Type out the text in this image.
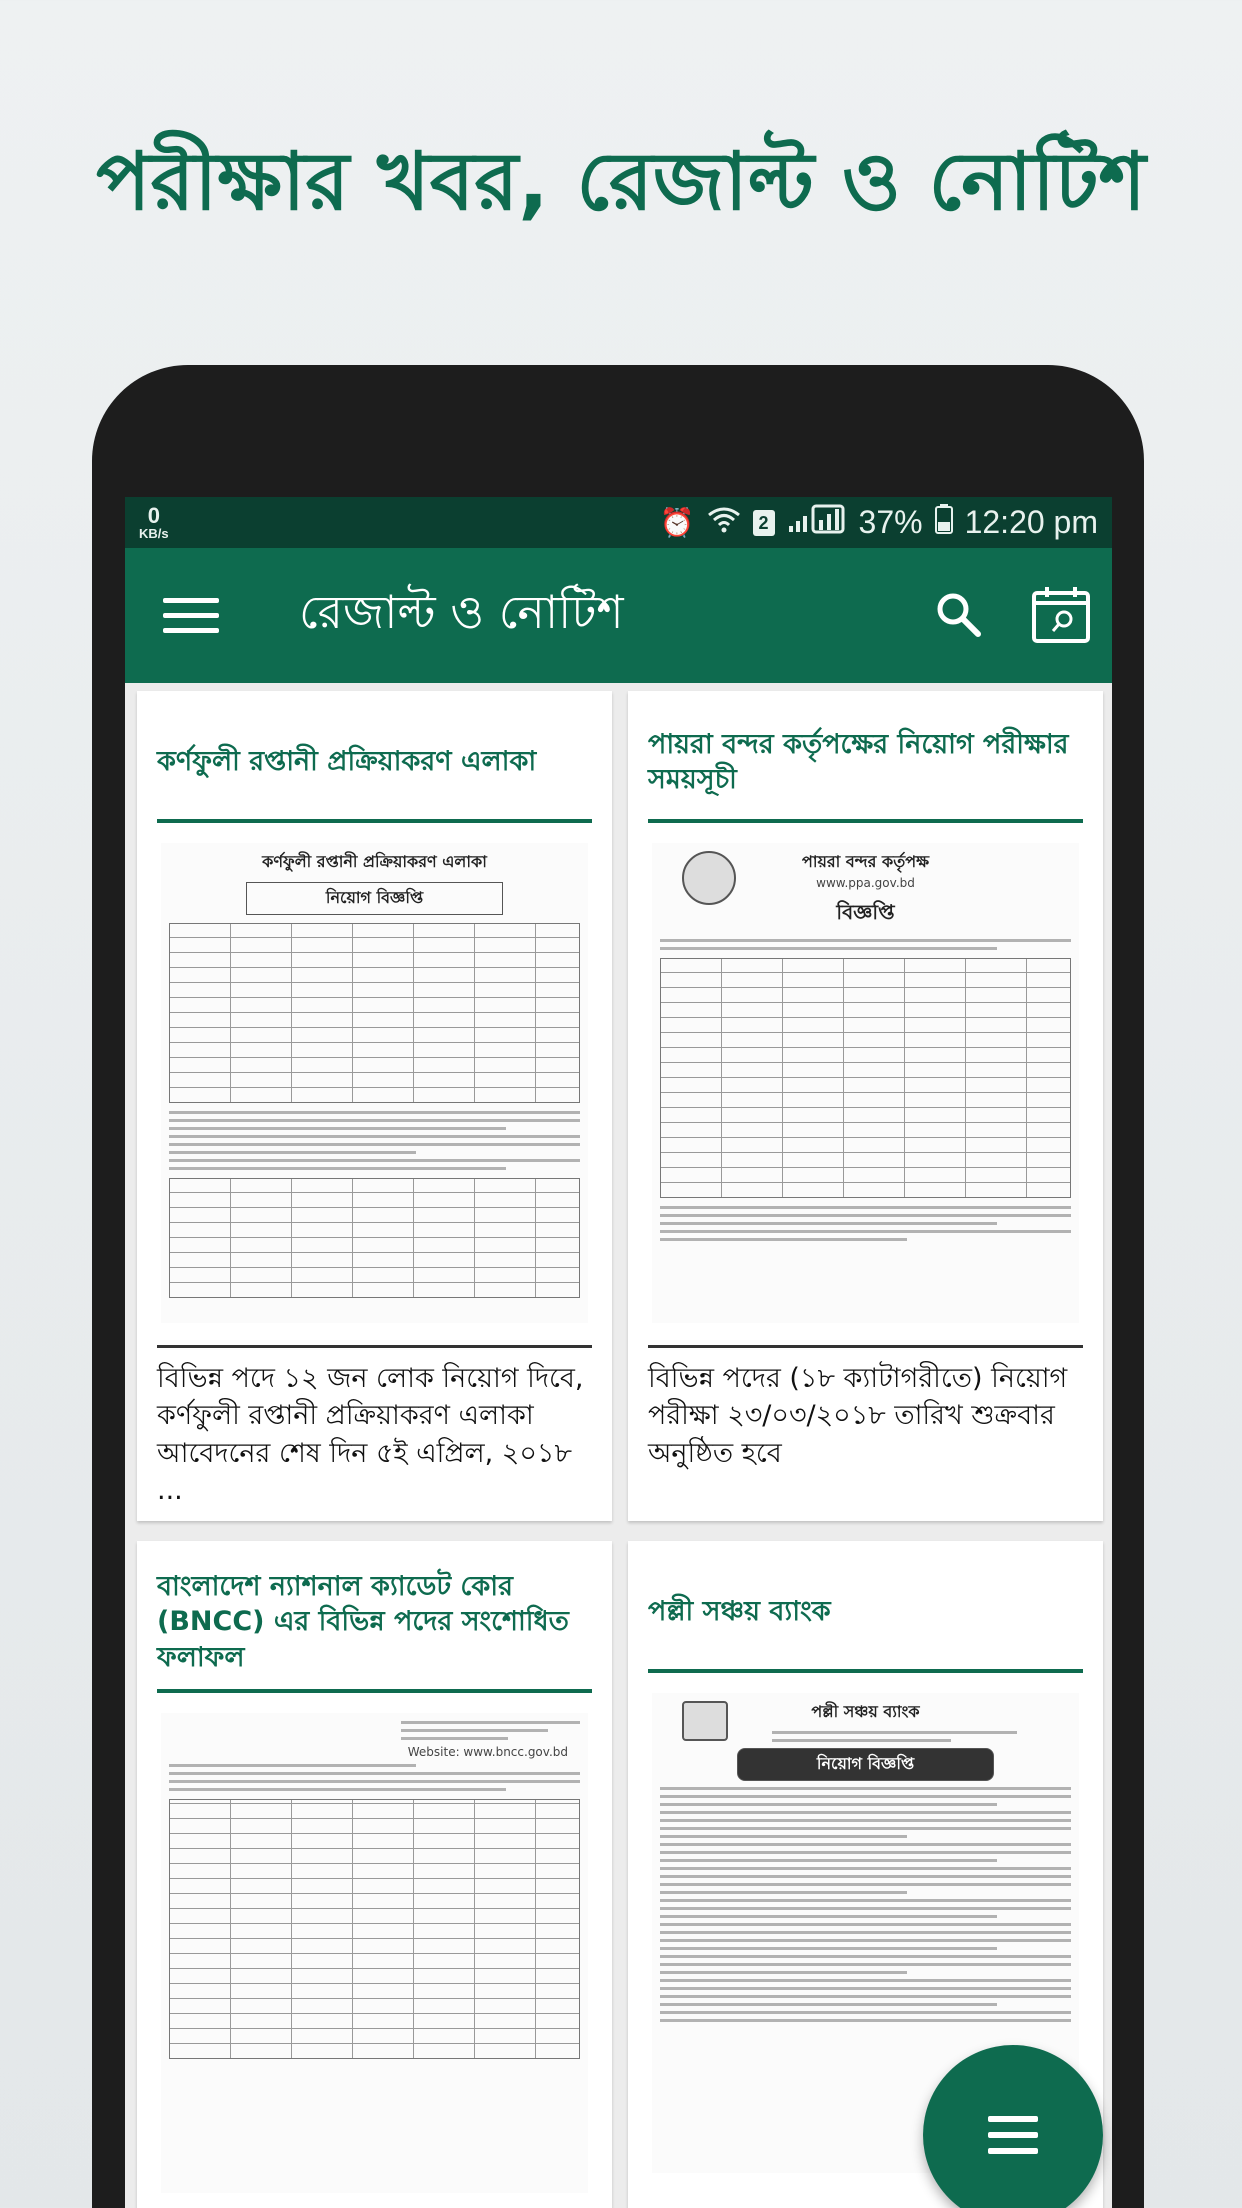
পরীক্ষার খবর, রেজাল্ট ও নোটিশ
0
KB/s	⏰	2	37% 12:20 pm
রেজাল্ট ও নোটিশ
কর্ণফুলী রপ্তানী প্রক্রিয়াকরণ এলাকা
কর্ণফুলী রপ্তানী প্রক্রিয়াকরণ এলাকা
নিয়োগ বিজ্ঞপ্তি
বিভিন্ন পদে ১২ জন লোক নিয়োগ দিবে, কর্ণফুলী রপ্তানী প্রক্রিয়াকরণ এলাকা আবেদনের শেষ দিন ৫ই এপ্রিল, ২০১৮ ...
পায়রা বন্দর কর্তৃপক্ষের নিয়োগ পরীক্ষার সময়সূচী
পায়রা বন্দর কর্তৃপক্ষ
www.ppa.gov.bd
বিজ্ঞপ্তি
বিভিন্ন পদের (১৮ ক্যাটাগরীতে) নিয়োগ পরীক্ষা ২৩/০৩/২০১৮ তারিখ শুক্রবার অনুষ্ঠিত হবে
বাংলাদেশ ন্যাশনাল ক্যাডেট কোর (BNCC) এর বিভিন্ন পদের সংশোধিত ফলাফল
Website: www.bncc.gov.bd
পল্লী সঞ্চয় ব্যাংক
পল্লী সঞ্চয় ব্যাংক
নিয়োগ বিজ্ঞপ্তি
